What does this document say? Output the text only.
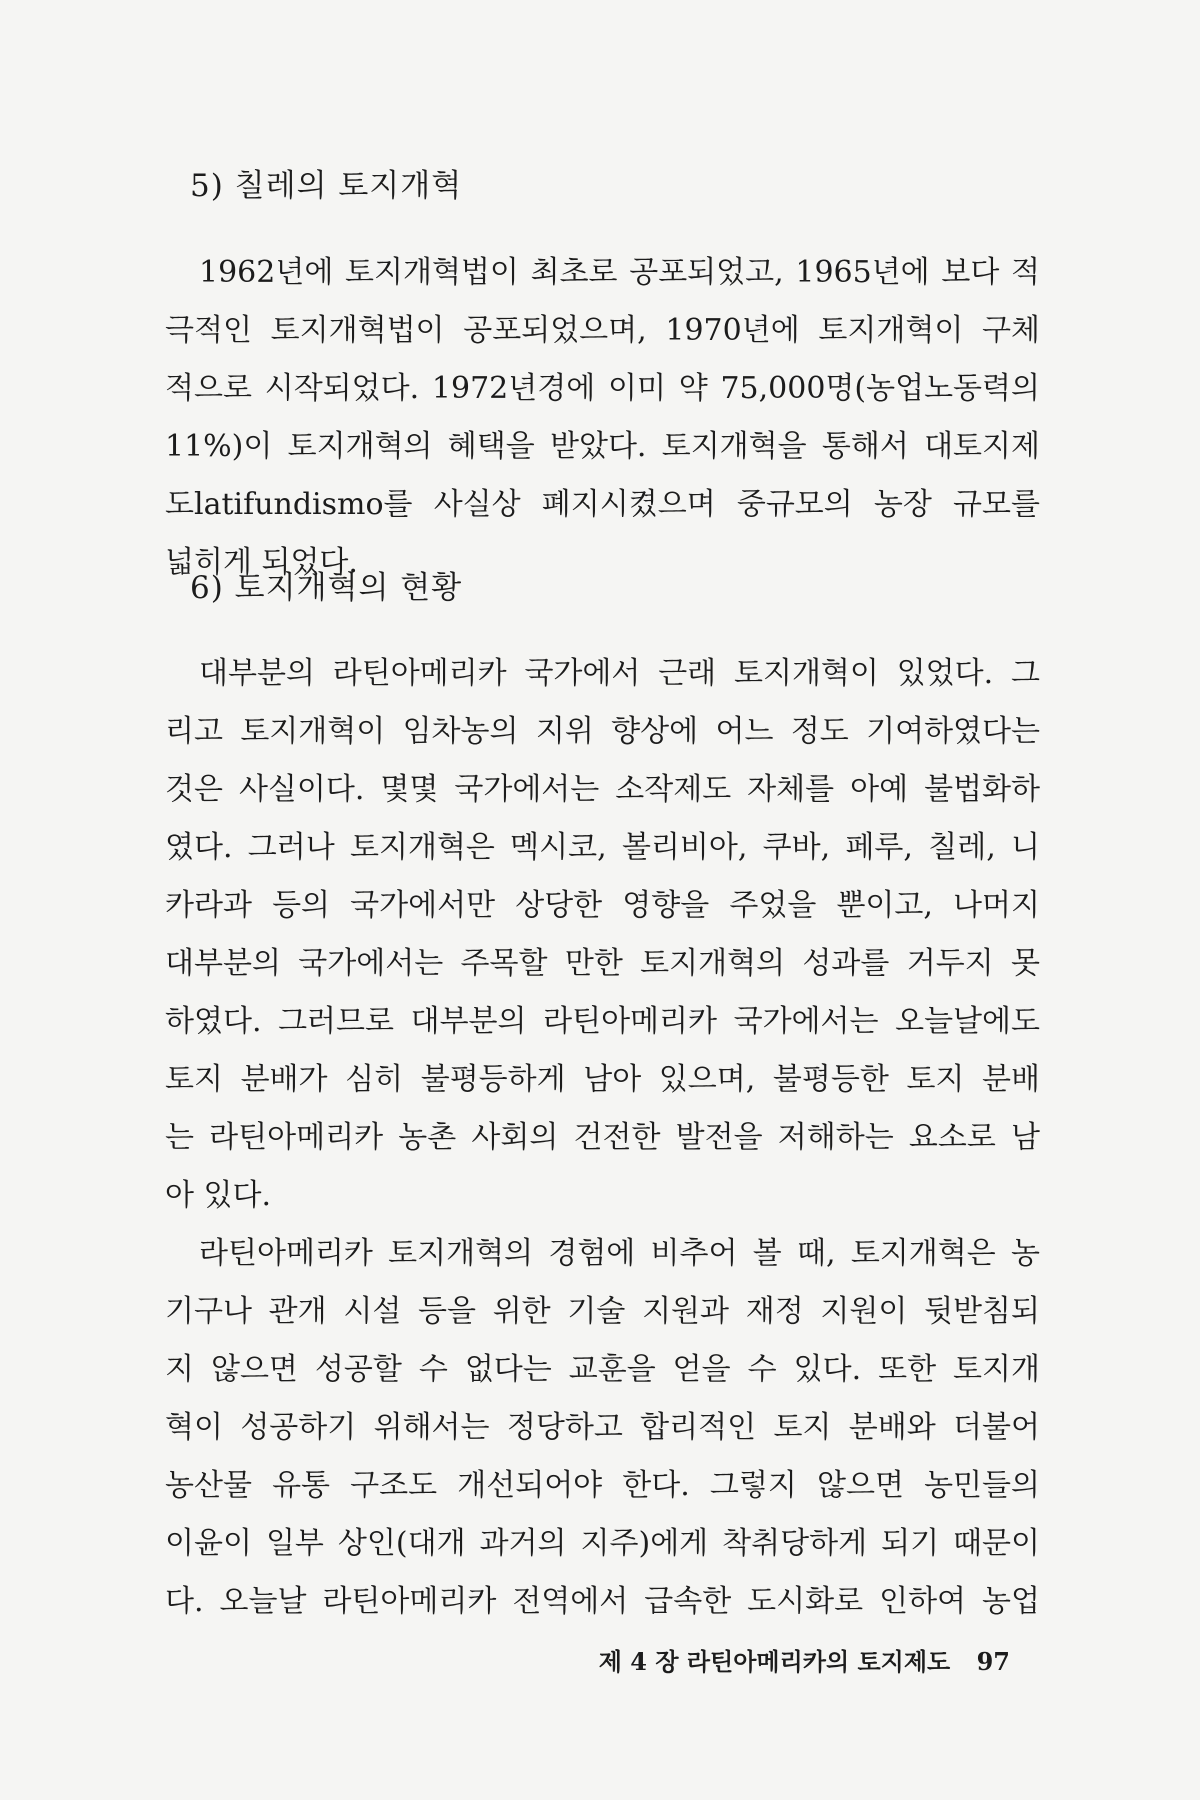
5) 칠레의 토지개혁
1962년에 토지개혁법이 최초로 공포되었고, 1965년에 보다 적
극적인 토지개혁법이 공포되었으며, 1970년에 토지개혁이 구체
적으로 시작되었다. 1972년경에 이미 약 75,000명(농업노동력의
11%)이 토지개혁의 혜택을 받았다. 토지개혁을 통해서 대토지제
도latifundismo를 사실상 폐지시켰으며 중규모의 농장 규모를
넓히게 되었다.
6) 토지개혁의 현황
대부분의 라틴아메리카 국가에서 근래 토지개혁이 있었다. 그
리고 토지개혁이 임차농의 지위 향상에 어느 정도 기여하였다는
것은 사실이다. 몇몇 국가에서는 소작제도 자체를 아예 불법화하
였다. 그러나 토지개혁은 멕시코, 볼리비아, 쿠바, 페루, 칠레, 니
카라과 등의 국가에서만 상당한 영향을 주었을 뿐이고, 나머지
대부분의 국가에서는 주목할 만한 토지개혁의 성과를 거두지 못
하였다. 그러므로 대부분의 라틴아메리카 국가에서는 오늘날에도
토지 분배가 심히 불평등하게 남아 있으며, 불평등한 토지 분배
는 라틴아메리카 농촌 사회의 건전한 발전을 저해하는 요소로 남
아 있다.
라틴아메리카 토지개혁의 경험에 비추어 볼 때, 토지개혁은 농
기구나 관개 시설 등을 위한 기술 지원과 재정 지원이 뒷받침되
지 않으면 성공할 수 없다는 교훈을 얻을 수 있다. 또한 토지개
혁이 성공하기 위해서는 정당하고 합리적인 토지 분배와 더불어
농산물 유통 구조도 개선되어야 한다. 그렇지 않으면 농민들의
이윤이 일부 상인(대개 과거의 지주)에게 착취당하게 되기 때문이
다. 오늘날 라틴아메리카 전역에서 급속한 도시화로 인하여 농업
제 4 장 라틴아메리카의 토지제도 97
